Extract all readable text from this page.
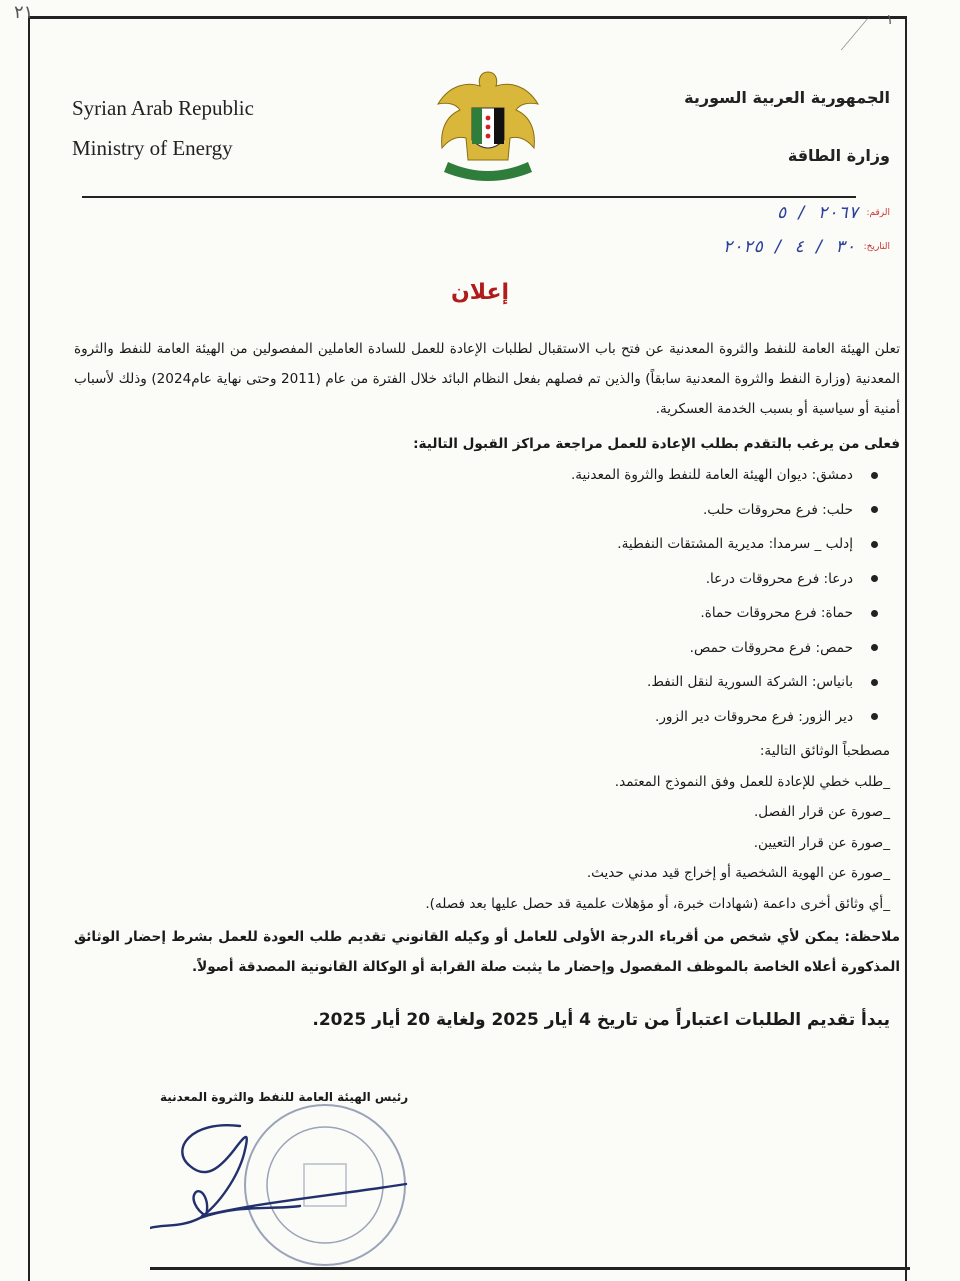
٢١	١
Syrian Arab Republic
Ministry of Energy
الجمهورية العربية السورية
وزارة الطاقة
الرقم:
٢٠٦٧ / ٥
التاريخ:
٣٠ / ٤ / ٢٠٢٥
إعلان
تعلن الهيئة العامة للنفط والثروة المعدنية عن فتح باب الاستقبال لطلبات الإعادة للعمل للسادة العاملين المفصولين من الهيئة العامة للنفط والثروة المعدنية (وزارة النفط والثروة المعدنية سابقاً) والذين تم فصلهم بفعل النظام البائد خلال الفترة من عام (2011 وحتى نهاية عام2024) وذلك لأسباب أمنية أو سياسية أو بسبب الخدمة العسكرية.
فعلى من يرغب بالتقدم بطلب الإعادة للعمل مراجعة مراكز القبول التالية:
دمشق: ديوان الهيئة العامة للنفط والثروة المعدنية.
حلب: فرع محروقات حلب.
إدلب _ سرمدا: مديرية المشتقات النفطية.
درعا: فرع محروقات درعا.
حماة: فرع محروقات حماة.
حمص: فرع محروقات حمص.
بانياس: الشركة السورية لنقل النفط.
دير الزور: فرع محروقات دير الزور.
مصطحباً الوثائق التالية:
_طلب خطي للإعادة للعمل وفق النموذج المعتمد.
_صورة عن قرار الفصل.
_صورة عن قرار التعيين.
_صورة عن الهوية الشخصية أو إخراج قيد مدني حديث.
_أي وثائق أخرى داعمة (شهادات خبرة، أو مؤهلات علمية قد حصل عليها بعد فصله).
ملاحظة: يمكن لأي شخص من أقرباء الدرجة الأولى للعامل أو وكيله القانوني تقديم طلب العودة للعمل بشرط إحضار الوثائق المذكورة أعلاه الخاصة بالموظف المفصول وإحضار ما يثبت صلة القرابة أو الوكالة القانونية المصدقة أصولاً.
يبدأ تقديم الطلبات اعتباراً من تاريخ 4 أيار 2025 ولغاية 20 أيار 2025.
رئيس الهيئة العامة للنفط والثروة المعدنية
